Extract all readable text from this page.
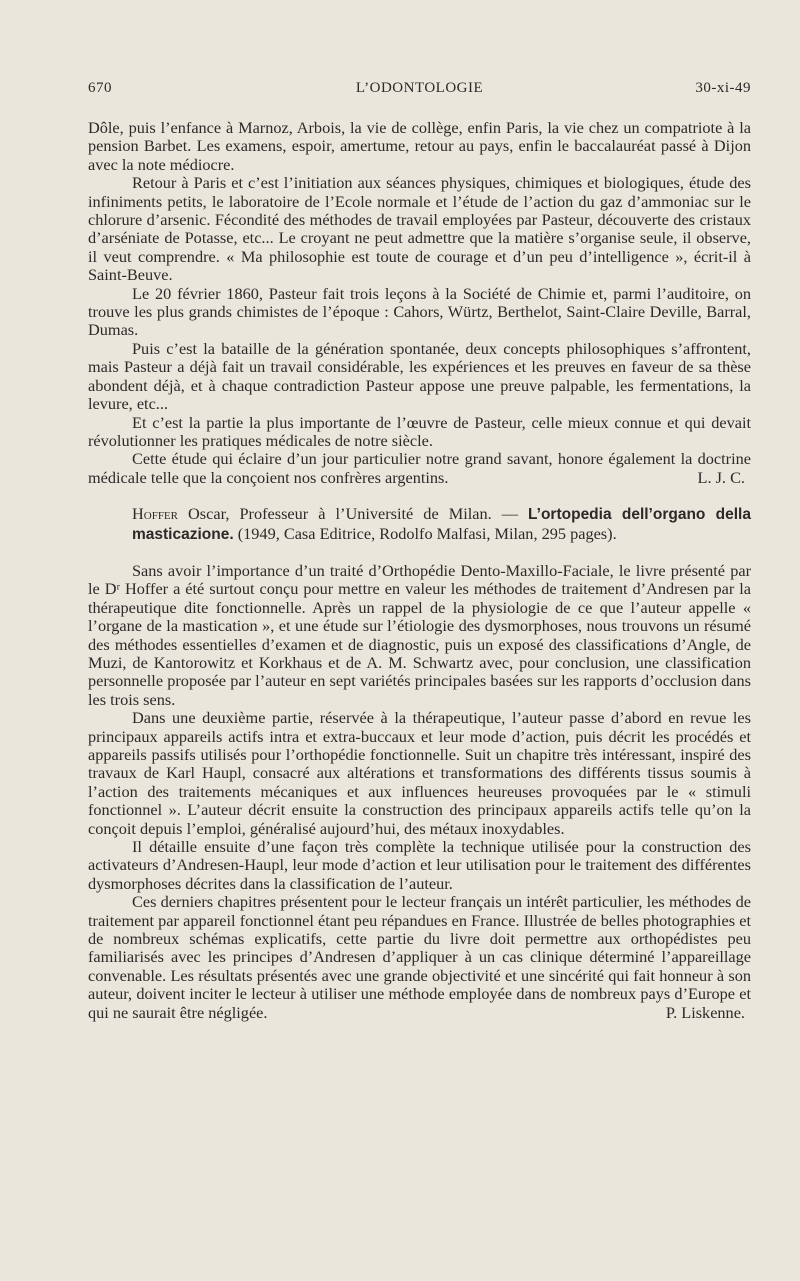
670	L’ODONTOLOGIE	30-xi-49

Dôle, puis l’enfance à Marnoz, Arbois, la vie de collège, enfin Paris, la vie chez un compatriote à la pension Barbet. Les examens, espoir, amertume, retour au pays, enfin le baccalauréat passé à Dijon avec la note médiocre.

Retour à Paris et c’est l’initiation aux séances physiques, chimiques et biologiques, étude des infiniments petits, le laboratoire de l’Ecole normale et l’étude de l’action du gaz d’ammoniac sur le chlorure d’arsenic. Fécondité des méthodes de travail employées par Pasteur, découverte des cristaux d’arséniate de Potasse, etc... Le croyant ne peut admettre que la matière s’organise seule, il observe, il veut comprendre. « Ma philosophie est toute de courage et d’un peu d’intelligence », écrit-il à Saint-Beuve.

Le 20 février 1860, Pasteur fait trois leçons à la Société de Chimie et, parmi l’auditoire, on trouve les plus grands chimistes de l’époque : Cahors, Würtz, Berthelot, Saint-Claire Deville, Barral, Dumas.

Puis c’est la bataille de la génération spontanée, deux concepts philosophiques s’affrontent, mais Pasteur a déjà fait un travail considérable, les expériences et les preuves en faveur de sa thèse abondent déjà, et à chaque contradiction Pasteur appose une preuve palpable, les fermentations, la levure, etc...

Et c’est la partie la plus importante de l’œuvre de Pasteur, celle mieux connue et qui devait révolutionner les pratiques médicales de notre siècle.

Cette étude qui éclaire d’un jour particulier notre grand savant, honore également la doctrine médicale telle que la conçoient nos confrères argentins.	L. J. C.

Hoffer Oscar, Professeur à l’Université de Milan. — L’ortopedia dell’organo della masticazione. (1949, Casa Editrice, Rodolfo Malfasi, Milan, 295 pages).

Sans avoir l’importance d’un traité d’Orthopédie Dento-Maxillo-Faciale, le livre présenté par le Dʳ Hoffer a été surtout conçu pour mettre en valeur les méthodes de traitement d’Andresen par la thérapeutique dite fonctionnelle. Après un rappel de la physiologie de ce que l’auteur appelle « l’organe de la mastication », et une étude sur l’étiologie des dysmorphoses, nous trouvons un résumé des méthodes essentielles d’examen et de diagnostic, puis un exposé des classifications d’Angle, de Muzi, de Kantorowitz et Korkhaus et de A. M. Schwartz avec, pour conclusion, une classification personnelle proposée par l’auteur en sept variétés principales basées sur les rapports d’occlusion dans les trois sens.

Dans une deuxième partie, réservée à la thérapeutique, l’auteur passe d’abord en revue les principaux appareils actifs intra et extra-buccaux et leur mode d’action, puis décrit les procédés et appareils passifs utilisés pour l’orthopédie fonctionnelle. Suit un chapitre très intéressant, inspiré des travaux de Karl Haupl, consacré aux altérations et transformations des différents tissus soumis à l’action des traitements mécaniques et aux influences heureuses provoquées par le « stimuli fonctionnel ». L’auteur décrit ensuite la construction des principaux appareils actifs telle qu’on la conçoit depuis l’emploi, généralisé aujourd’hui, des métaux inoxydables.

Il détaille ensuite d’une façon très complète la technique utilisée pour la construction des activateurs d’Andresen-Haupl, leur mode d’action et leur utilisation pour le traitement des différentes dysmorphoses décrites dans la classification de l’auteur.

Ces derniers chapitres présentent pour le lecteur français un intérêt particulier, les méthodes de traitement par appareil fonctionnel étant peu répandues en France. Illustrée de belles photographies et de nombreux schémas explicatifs, cette partie du livre doit permettre aux orthopédistes peu familiarisés avec les principes d’Andresen d’appliquer à un cas clinique déterminé l’appareillage convenable. Les résultats présentés avec une grande objectivité et une sincérité qui fait honneur à son auteur, doivent inciter le lecteur à utiliser une méthode employée dans de nombreux pays d’Europe et qui ne saurait être négligée.	P. Liskenne.
